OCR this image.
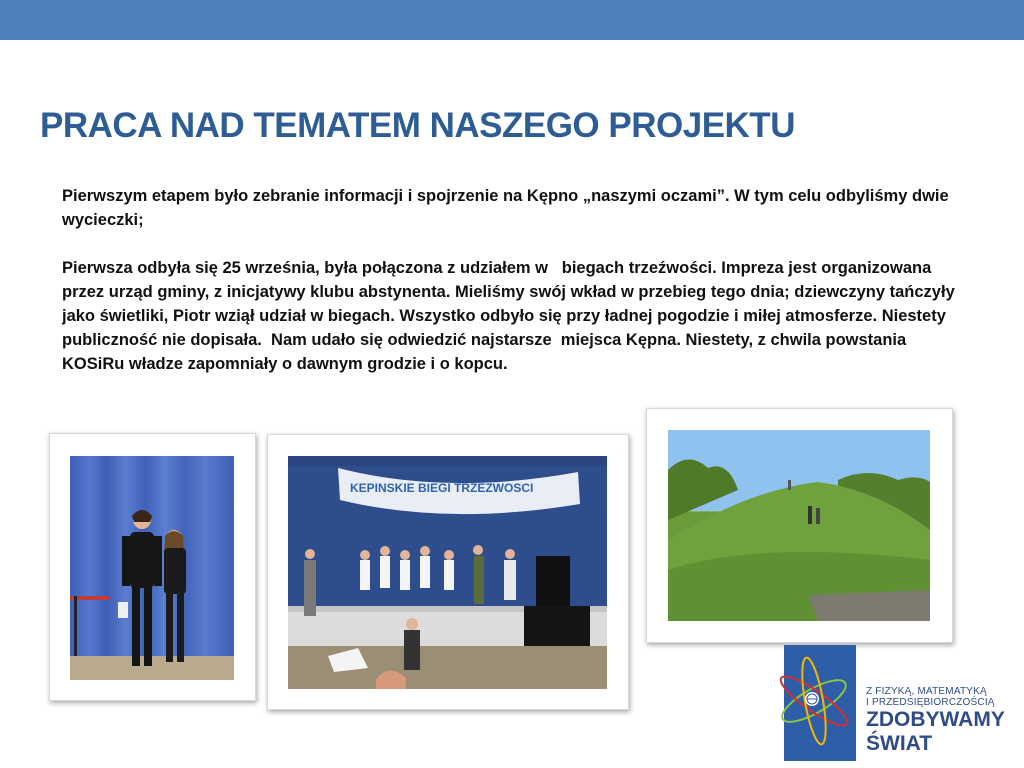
PRACA NAD TEMATEM NASZEGO PROJEKTU

Pierwszym etapem było zebranie informacji i spojrzenie na Kępno „naszymi oczami”. W tym celu odbyliśmy dwie wycieczki;

Pierwsza odbyła się 25 września, była połączona z udziałem w   biegach trzeźwości. Impreza jest organizowana przez urząd gminy, z inicjatywy klubu abstynenta. Mieliśmy swój wkład w przebieg tego dnia; dziewczyny tańczyły jako świetliki, Piotr wziął udział w biegach. Wszystko odbyło się przy ładnej pogodzie i miłej atmosferze. Niestety publiczność nie dopisała.  Nam udało się odwiedzić najstarsze  miejsca Kępna. Niestety, z chwila powstania KOSiRu władze zapomniały o dawnym grodzie i o kopcu.

KEPINSKIE BIEGI TRZEZWOSCI
Z FIZYKĄ, MATEMATYKĄ
I PRZEDSIĘBIORCZOŚCIĄ
ZDOBYWAMY
ŚWIAT
